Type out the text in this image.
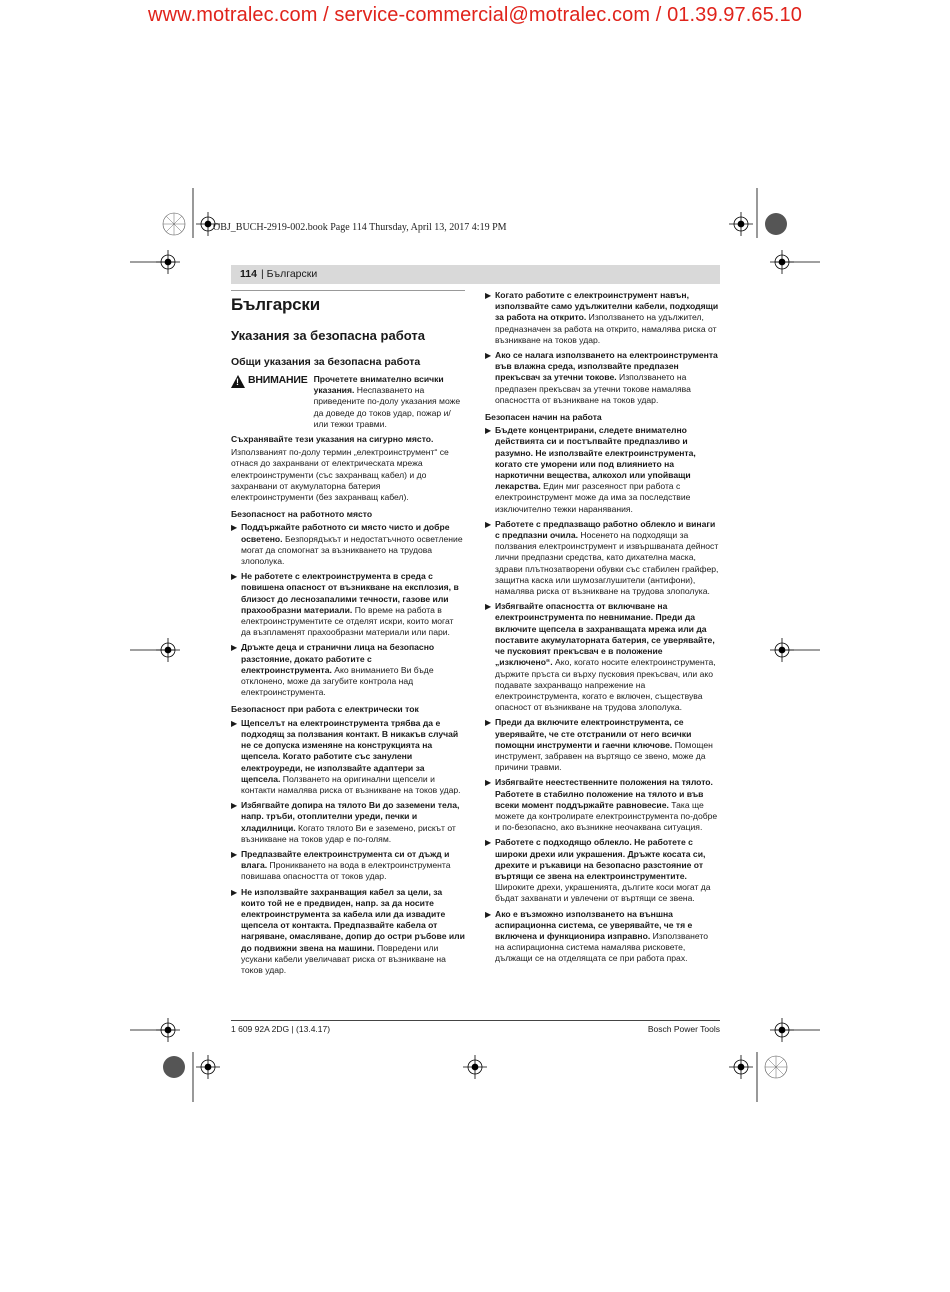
www.motralec.com / service-commercial@motralec.com / 01.39.97.65.10
OBJ_BUCH-2919-002.book Page 114 Thursday, April 13, 2017 4:19 PM
114 | Български
Български
Указания за безопасна работа
Общи указания за безопасна работа
! ВНИМАНИЕ Прочетете внимателно всички указания. Неспазването на приведените по-долу указания може да доведе до токов удар, пожар и/или тежки травми.

Съхранявайте тези указания на сигурно място.

Използваният по-долу термин „електроинструмент“ се отнася до захранвани от електрическата мрежа електроинструменти (със захранващ кабел) и до захранвани от акумулаторна батерия електроинструменти (без захранващ кабел).

Безопасност на работното място

▶ Поддържайте работното си място чисто и добре осветено. Безпорядъкът и недостатъчното осветление могат да спомогнат за възникването на трудова злополука.
▶ Не работете с електроинструмента в среда с повишена опасност от възникване на експлозия, в близост до леснозапалими течности, газове или прахообразни материали. По време на работа в електроинструментите се отделят искри, които могат да възпламенят прахообразни материали или пари.
▶ Дръжте деца и странични лица на безопасно разстояние, докато работите с електроинструмента. Ако вниманието Ви бъде отклонено, може да загубите контрола над електроинструмента.

Безопасност при работа с електрически ток

▶ Щепселът на електроинструмента трябва да е подходящ за ползвания контакт. В никакъв случай не се допуска изменяне на конструкцията на щепсела. Когато работите със занулени електроуреди, не използвайте адаптери за щепсела. Ползването на оригинални щепсели и контакти намалява риска от възникване на токов удар.
▶ Избягвайте допира на тялото Ви до заземени тела, напр. тръби, отоплителни уреди, печки и хладилници. Когато тялото Ви е заземено, рискът от възникване на токов удар е по-голям.
▶ Предпазвайте електроинструмента си от дъжд и влага. Проникването на вода в електроинструмента повишава опасността от токов удар.
▶ Не използвайте захранващия кабел за цели, за които той не е предвиден, напр. за да носите електроинструмента за кабела или да извадите щепсела от контакта. Предпазвайте кабела от нагряване, омасляване, допир до остри ръбове или до подвижни звена на машини. Повредени или усукани кабели увеличават риска от възникване на токов удар.
▶ Когато работите с електроинструмент навън, използвайте само удължителни кабели, подходящи за работа на открито. Използването на удължител, предназначен за работа на открито, намалява риска от възникване на токов удар.
▶ Ако се налага използването на електроинструмента във влажна среда, използвайте предпазен прекъсвач за утечни токове. Използването на предпазен прекъсвач за утечни токове намалява опасността от възникване на токов удар.

Безопасен начин на работа

▶ Бъдете концентрирани, следете внимателно действията си и постъпвайте предпазливо и разумно. Не използвайте електроинструмента, когато сте уморени или под влиянието на наркотични вещества, алкохол или упойващи лекарства. Един миг разсеяност при работа с електроинструмент може да има за последствие изключително тежки наранявания.
▶ Работете с предпазващо работно облекло и винаги с предпазни очила. Носенето на подходящи за ползвания електроинструмент и извършваната дейност лични предпазни средства, като дихателна маска, здрави плътнозатворени обувки със стабилен грайфер, защитна каска или шумозаглушители (антифони), намалява риска от възникване на трудова злополука.
▶ Избягвайте опасността от включване на електроинструмента по невнимание. Преди да включите щепсела в захранващата мрежа или да поставите акумулаторната батерия, се уверявайте, че пусковият прекъсвач е в положение „изключено“. Ако, когато носите електроинструмента, държите пръста си върху пусковия прекъсвач, или ако подавате захранващо напрежение на електроинструмента, когато е включен, съществува опасност от възникване на трудова злополука.
▶ Преди да включите електроинструмента, се уверявайте, че сте отстранили от него всички помощни инструменти и гаечни ключове. Помощен инструмент, забравен на въртящо се звено, може да причини травми.
▶ Избягвайте неестественните положения на тялото. Работете в стабилно положение на тялото и във всеки момент поддържайте равновесие. Така ще можете да контролирате електроинструмента по-добре и по-безопасно, ако възникне неочаквана ситуация.
▶ Работете с подходящо облекло. Не работете с широки дрехи или украшения. Дръжте косата си, дрехите и ръкавици на безопасно разстояние от въртящи се звена на електроинструментите. Широките дрехи, украшенията, дългите коси могат да бъдат захванати и увлечени от въртящи се звена.
▶ Ако е възможно използването на външна аспирационна система, се уверявайте, че тя е включена и функционира изправно. Използването на аспирационна система намалява рисковете, дължащи се на отделящата се при работа прах.
1 609 92A 2DG | (13.4.17)	Bosch Power Tools
